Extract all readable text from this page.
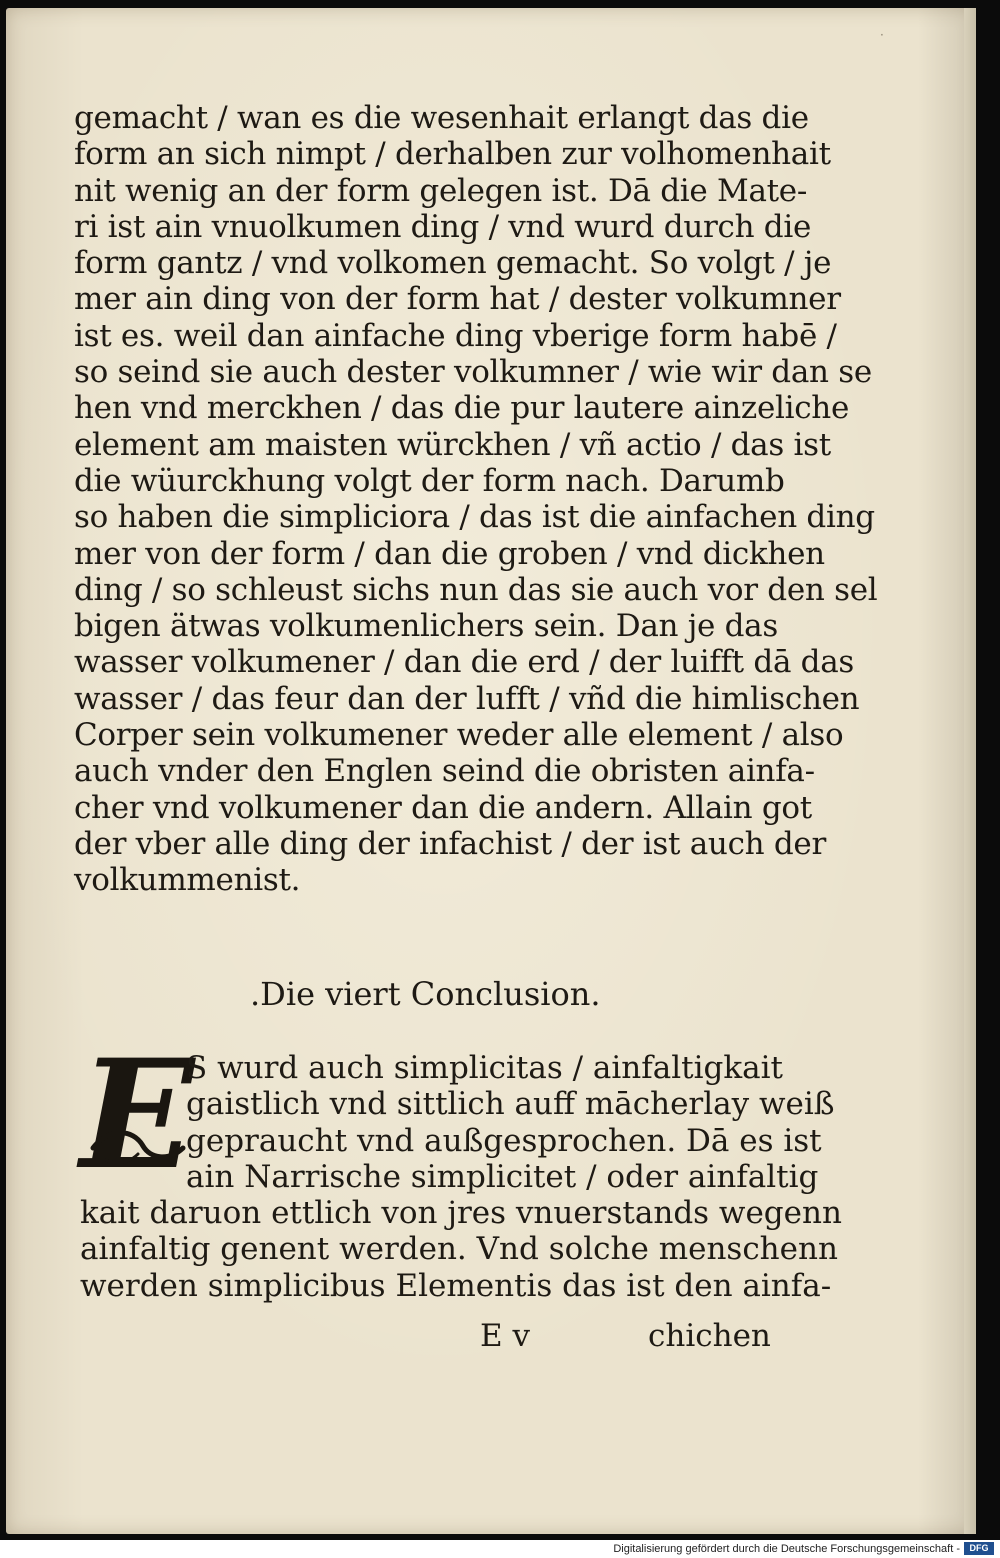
·
gemacht / wan es die wesenhait erlangt das die
form an sich nimpt / derhalben zur volhomenhait
nit wenig an der form gelegen ist. Dā die Mate-
ri ist ain vnuolkumen ding / vnd wurd durch die
form gantz / vnd volkomen gemacht. So volgt / je
mer ain ding von der form hat / dester volkumner
ist es. weil dan ainfache ding vberige form habē /
so seind sie auch dester volkumner / wie wir dan se
hen vnd merckhen / das die pur lautere ainzeliche
element am maisten würckhen / vñ actio / das ist
die wüurckhung volgt der form nach. Darumb
so haben die simpliciora / das ist die ainfachen ding
mer von der form / dan die groben / vnd dickhen
ding / so schleust sichs nun das sie auch vor den sel
bigen ätwas volkumenlichers sein. Dan je das
wasser volkumener / dan die erd / der luifft dā das
wasser / das feur dan der lufft / vñd die himlischen
Corper sein volkumener weder alle element / also
auch vnder den Englen seind die obristen ainfa-
cher vnd volkumener dan die andern. Allain got
der vber alle ding der infachist / der ist auch der
volkummenist.
.Die viert Conclusion.
E
S wurd auch simplicitas / ainfaltigkait
gaistlich vnd sittlich auff mācherlay weiß
gepraucht vnd außgesprochen. Dā es ist
ain Narrische simplicitet / oder ainfaltig
kait daruon ettlich von jres vnuerstands wegenn
ainfaltig genent werden. Vnd solche menschenn
werden simplicibus Elementis das ist den ainfa-
E v	chichen
Digitalisierung gefördert durch die Deutsche Forschungsgemeinschaft -	DFG
